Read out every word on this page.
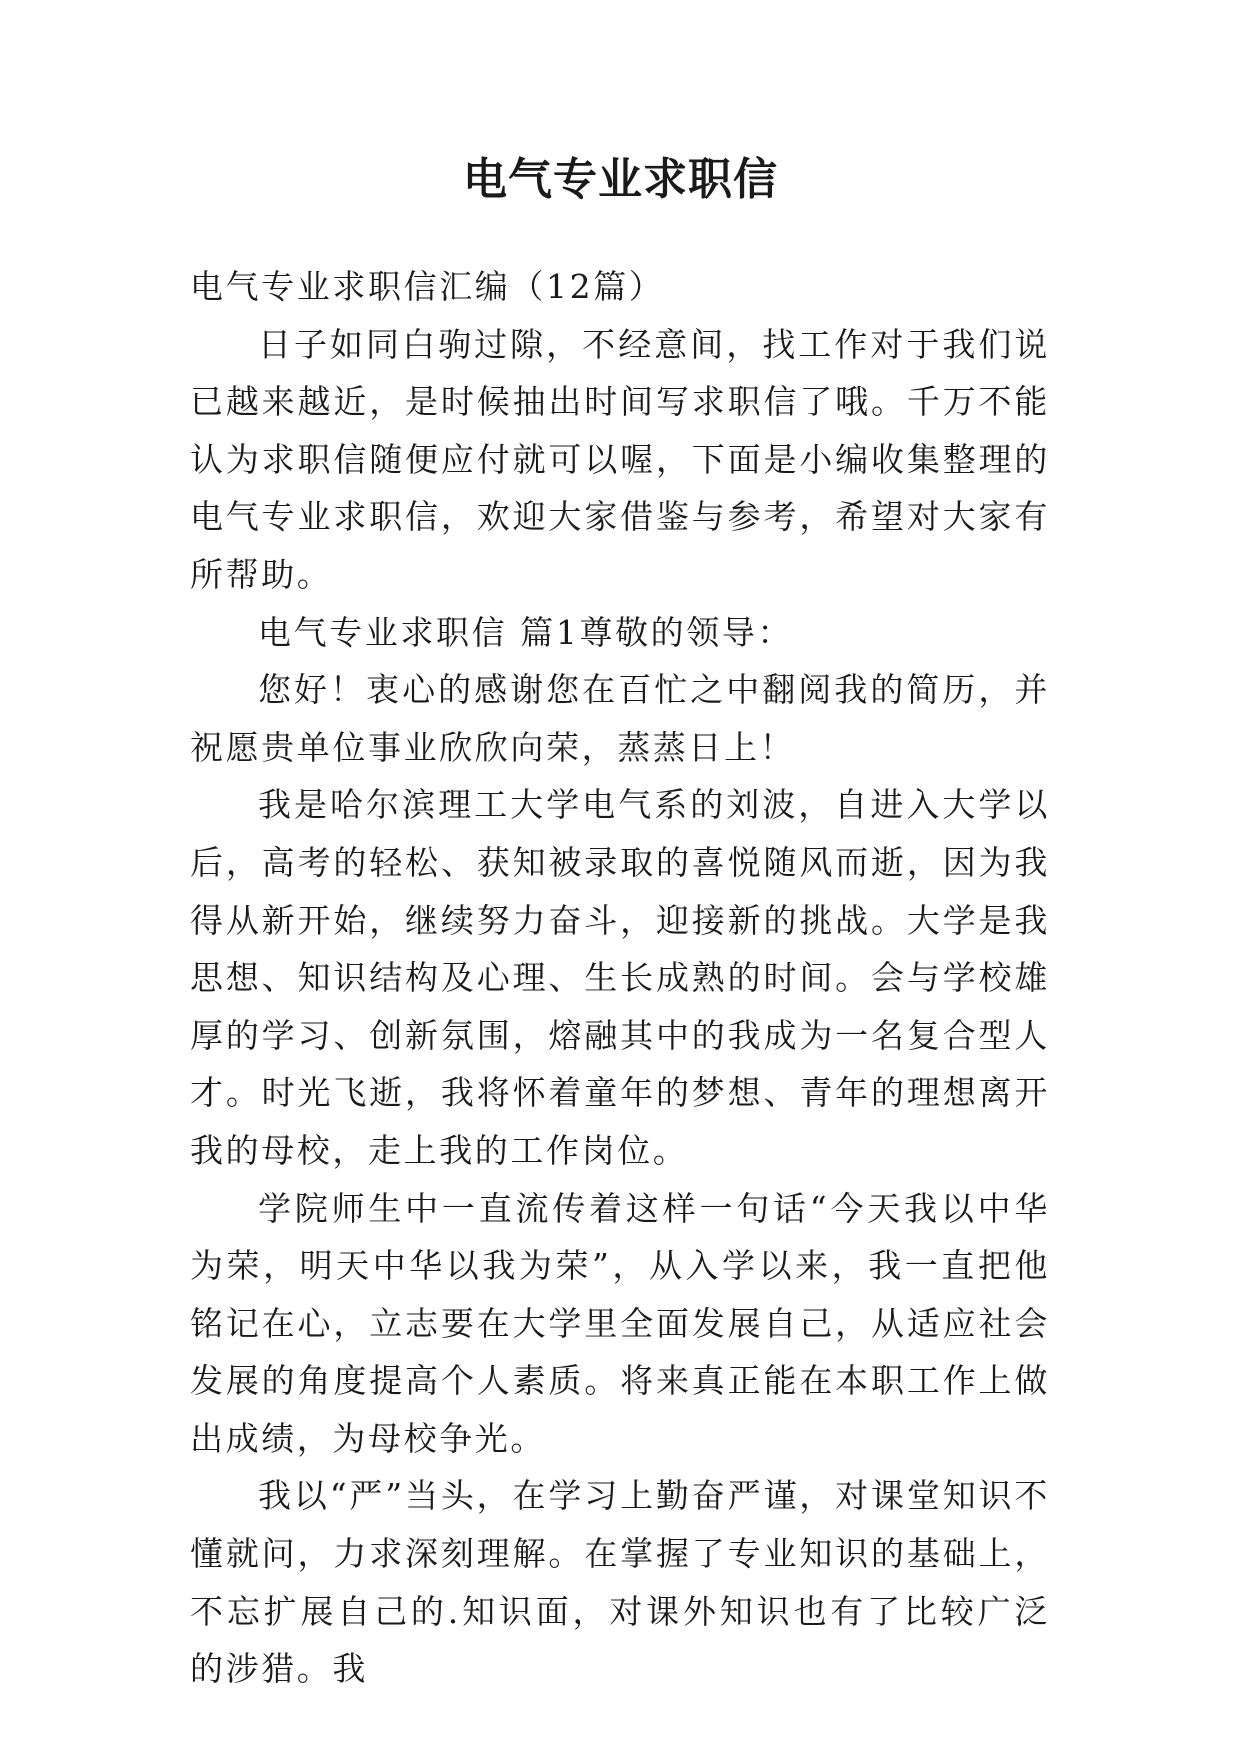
电气专业求职信

电气专业求职信汇编（12篇）

日子如同白驹过隙，不经意间，找工作对于我们说已越来越近，是时候抽出时间写求职信了哦。千万不能认为求职信随便应付就可以喔，下面是小编收集整理的电气专业求职信，欢迎大家借鉴与参考，希望对大家有所帮助。

电气专业求职信 篇1尊敬的领导：

您好！衷心的感谢您在百忙之中翻阅我的简历，并祝愿贵单位事业欣欣向荣，蒸蒸日上！

我是哈尔滨理工大学电气系的刘波，自进入大学以后，高考的轻松、获知被录取的喜悦随风而逝，因为我得从新开始，继续努力奋斗，迎接新的挑战。大学是我思想、知识结构及心理、生长成熟的时间。会与学校雄厚的学习、创新氛围，熔融其中的我成为一名复合型人才。时光飞逝，我将怀着童年的梦想、青年的理想离开我的母校，走上我的工作岗位。

学院师生中一直流传着这样一句话“今天我以中华为荣，明天中华以我为荣”，从入学以来，我一直把他铭记在心，立志要在大学里全面发展自己，从适应社会发展的角度提高个人素质。将来真正能在本职工作上做出成绩，为母校争光。

我以“严”当头，在学习上勤奋严谨，对课堂知识不懂就问，力求深刻理解。在掌握了专业知识的基础上，不忘扩展自己的.知识面，对课外知识也有了比较广泛的涉猎。我
